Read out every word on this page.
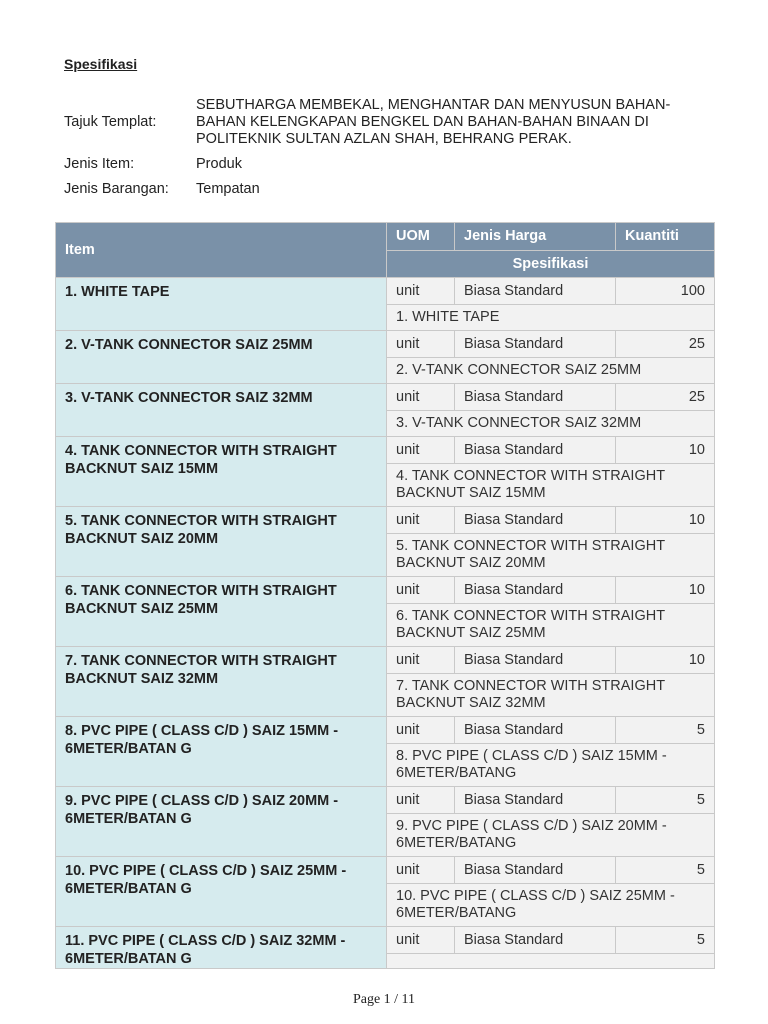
Spesifikasi
Tajuk Templat:
SEBUTHARGA MEMBEKAL, MENGHANTAR DAN MENYUSUN BAHAN-BAHAN KELENGKAPAN BENGKEL DAN BAHAN-BAHAN BINAAN DI POLITEKNIK SULTAN AZLAN SHAH, BEHRANG PERAK.
Jenis Item:	Produk
Jenis Barangan:	Tempatan
Item	UOM	Jenis Harga	Kuantiti
	Spesifikasi		
1. WHITE TAPE	unit	Biasa Standard	100
	1. WHITE TAPE		
2. V-TANK CONNECTOR SAIZ 25MM	unit	Biasa Standard	25
	2. V-TANK CONNECTOR SAIZ 25MM		
3. V-TANK CONNECTOR SAIZ 32MM	unit	Biasa Standard	25
	3. V-TANK CONNECTOR SAIZ 32MM		
4. TANK CONNECTOR WITH STRAIGHT BACKNUT SAIZ 15MM	unit	Biasa Standard	10
	4. TANK CONNECTOR WITH STRAIGHT BACKNUT SAIZ 15MM		
5. TANK CONNECTOR WITH STRAIGHT BACKNUT SAIZ 20MM	unit	Biasa Standard	10
	5. TANK CONNECTOR WITH STRAIGHT BACKNUT SAIZ 20MM		
6. TANK CONNECTOR WITH STRAIGHT BACKNUT SAIZ 25MM	unit	Biasa Standard	10
	6. TANK CONNECTOR WITH STRAIGHT BACKNUT SAIZ 25MM		
7. TANK CONNECTOR WITH STRAIGHT BACKNUT SAIZ 32MM	unit	Biasa Standard	10
	7. TANK CONNECTOR WITH STRAIGHT BACKNUT SAIZ 32MM		
8. PVC PIPE ( CLASS C/D ) SAIZ 15MM - 6METER/BATAN G	unit	Biasa Standard	5
	8. PVC PIPE ( CLASS C/D ) SAIZ 15MM - 6METER/BATANG		
9. PVC PIPE ( CLASS C/D ) SAIZ 20MM - 6METER/BATAN G	unit	Biasa Standard	5
	9. PVC PIPE ( CLASS C/D ) SAIZ 20MM - 6METER/BATANG		
10. PVC PIPE ( CLASS C/D ) SAIZ 25MM - 6METER/BATAN G	unit	Biasa Standard	5
	10. PVC PIPE ( CLASS C/D ) SAIZ 25MM - 6METER/BATANG		
11. PVC PIPE ( CLASS C/D ) SAIZ 32MM - 6METER/BATAN G	unit	Biasa Standard	5

Page 1 / 11
